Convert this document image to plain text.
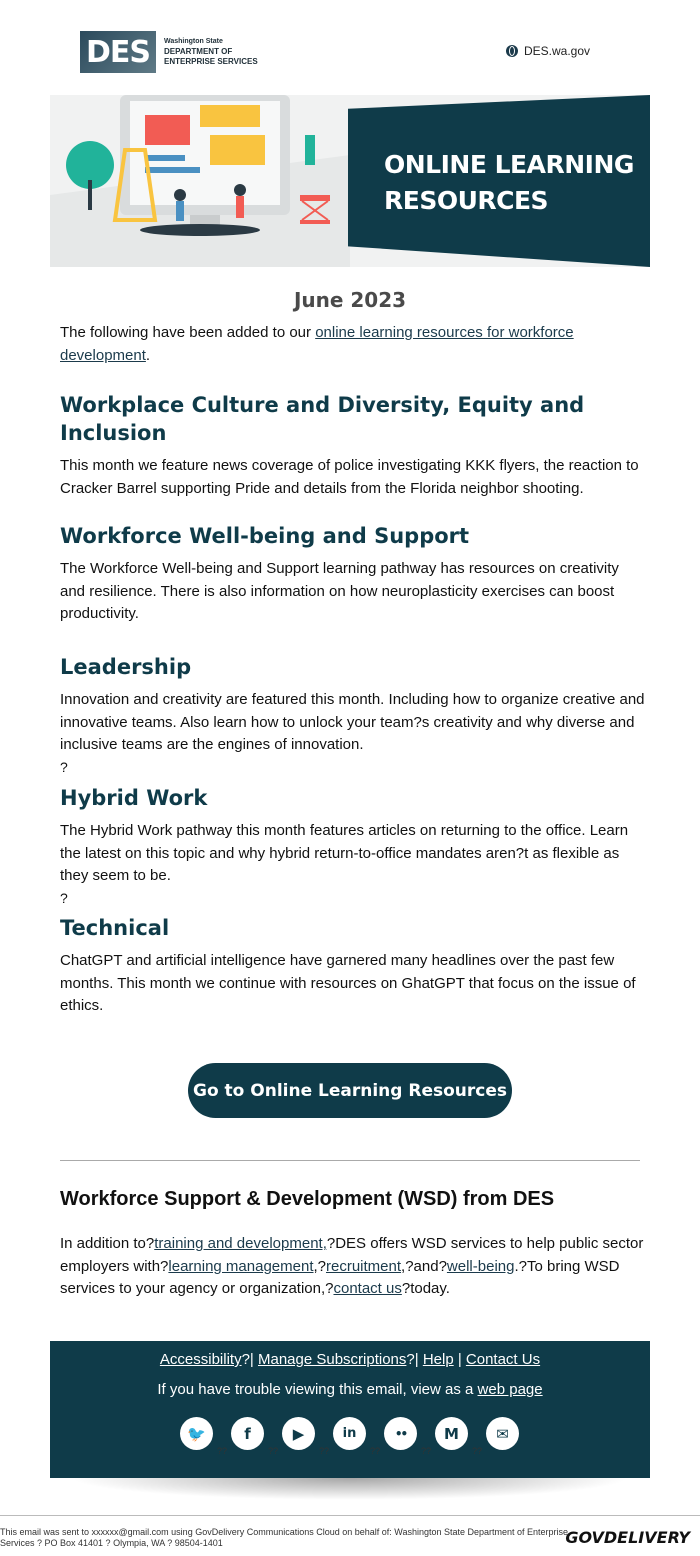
DES	Washington State
DEPARTMENT OF
ENTERPRISE SERVICES
DES.wa.gov
ONLINE LEARNING
RESOURCES
June 2023
The following have been added to our online learning resources for workforce development.
Workplace Culture and Diversity, Equity and Inclusion

This month we feature news coverage of police investigating KKK flyers, the reaction to Cracker Barrel supporting Pride and details from the Florida neighbor shooting.

Workforce Well-being and Support

The Workforce Well-being and Support learning pathway has resources on creativity and resilience. There is also information on how neuroplasticity exercises can boost productivity.

Leadership

Innovation and creativity are featured this month. Including how to organize creative and innovative teams. Also learn how to unlock your team?s creativity and why diverse and inclusive teams are the engines of innovation.

?
Hybrid Work

The Hybrid Work pathway this month features articles on returning to the office. Learn the latest on this topic and why hybrid return-to-office mandates aren?t as flexible as they seem to be.

?
Technical

ChatGPT and artificial intelligence have garnered many headlines over the past few months. This month we continue with resources on GhatGPT that focus on the issue of ethics.

Go to Online Learning Resources
Workforce Support & Development (WSD) from DES
In addition to?training and development,?DES offers WSD services to help public sector employers with?learning management,?recruitment,?and?well-being.?To bring WSD services to your agency or organization,?contact us?today.
Accessibility?| Manage Subscriptions?| Help | Contact Us
If you have trouble viewing this email, view as a web page
🐦
??
f
??
▶
??
in
??
••
??
M
??
✉
This email was sent to xxxxxx@gmail.com using GovDelivery Communications Cloud on behalf of: Washington State Department of Enterprise Services ? PO Box 41401 ? Olympia, WA ? 98504-1401	GOVDELIVERY
